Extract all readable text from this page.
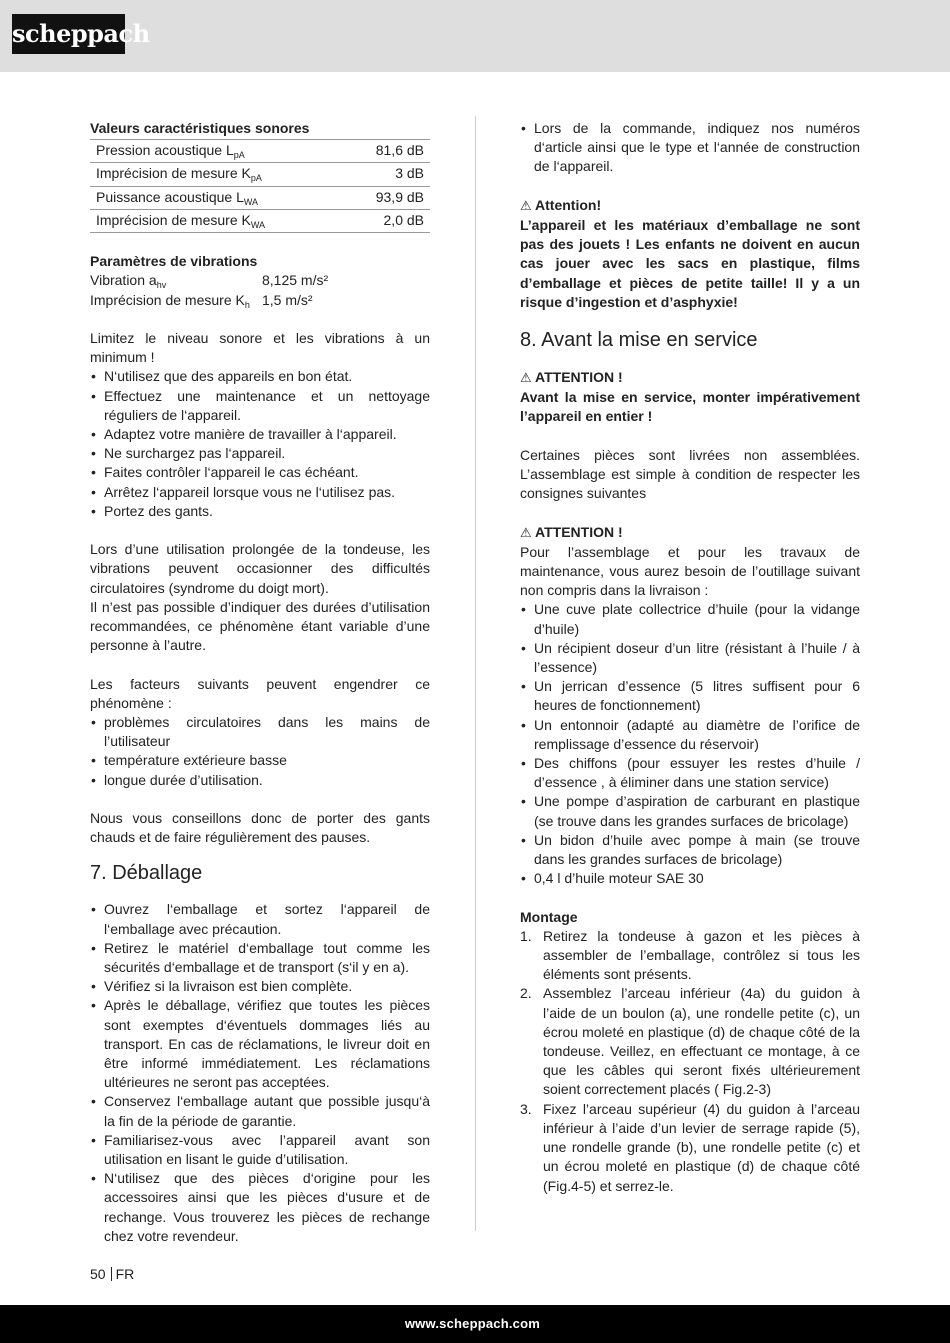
scheppach

Valeurs caractéristiques sonores

Pression acoustique $L_{pA}$	81,6 dB
Imprécision de mesure $K_{pA}$	3 dB
Puissance acoustique $L_{WA}$	93,9 dB
Imprécision de mesure $K_{WA}$	2,0 dB

Paramètres de vibrations

Vibration $a_{hv}$	8,125 m/s²
Imprécision de mesure $K_h$ 1,5 m/s²

Limitez le niveau sonore et les vibrations à un minimum !

• N‘utilisez que des appareils en bon état.
• Effectuez une maintenance et un nettoyage réguliers de l‘appareil.
• Adaptez votre manière de travailler à l‘appareil.
• Ne surchargez pas l‘appareil.
• Faites contrôler l‘appareil le cas échéant.
• Arrêtez l‘appareil lorsque vous ne l‘utilisez pas.
• Portez des gants.

Lors d’une utilisation prolongée de la tondeuse, les vibrations peuvent occasionner des difficultés circulatoires (syndrome du doigt mort).

Il n’est pas possible d’indiquer des durées d’utilisation recommandées, ce phénomène étant variable d’une personne à l’autre.

Les facteurs suivants peuvent engendrer ce phénomène :

• problèmes circulatoires dans les mains de l’utilisateur
• température extérieure basse
• longue durée d’utilisation.

Nous vous conseillons donc de porter des gants chauds et de faire régulièrement des pauses.

7. Déballage
• Ouvrez l‘emballage et sortez l‘appareil de l‘emballage avec précaution.
• Retirez le matériel d‘emballage tout comme les sécurités d‘emballage et de transport (s‘il y en a).
• Vérifiez si la livraison est bien complète.
• Après le déballage, vérifiez que toutes les pièces sont exemptes d‘éventuels dommages liés au transport. En cas de réclamations, le livreur doit en être informé immédiatement. Les réclamations ultérieures ne seront pas acceptées.
• Conservez l‘emballage autant que possible jusqu‘à la fin de la période de garantie.
• Familiarisez-vous avec l’appareil avant son utilisation en lisant le guide d’utilisation.
• N‘utilisez que des pièces d‘origine pour les accessoires ainsi que les pièces d‘usure et de rechange. Vous trouverez les pièces de rechange chez votre revendeur.
• Lors de la commande, indiquez nos numéros d‘article ainsi que le type et l‘année de construction de l‘appareil.

⚠ Attention!

L’appareil et les matériaux d’emballage ne sont pas des jouets ! Les enfants ne doivent en aucun cas jouer avec les sacs en plastique, films d’emballage et pièces de petite taille! Il y a un risque d’ingestion et d’asphyxie!

8. Avant la mise en service

⚠ ATTENTION !

Avant la mise en service, monter impérativement l’appareil en entier !

Certaines pièces sont livrées non assemblées. L’assemblage est simple à condition de respecter les consignes suivantes

⚠ ATTENTION !

Pour l’assemblage et pour les travaux de maintenance, vous aurez besoin de l’outillage suivant non compris dans la livraison :

• Une cuve plate collectrice d’huile (pour la vidange d’huile)
• Un récipient doseur d’un litre (résistant à l’huile / à l’essence)
• Un jerrican d’essence (5 litres suffisent pour 6 heures de fonctionnement)
• Un entonnoir (adapté au diamètre de l’orifice de remplissage d’essence du réservoir)
• Des chiffons (pour essuyer les restes d’huile / d’essence , à éliminer dans une station service)
• Une pompe d’aspiration de carburant en plastique (se trouve dans les grandes surfaces de bricolage)
• Un bidon d’huile avec pompe à main (se trouve dans les grandes surfaces de bricolage)
• 0,4 l d’huile moteur SAE 30

Montage

1. Retirez la tondeuse à gazon et les pièces à assembler de l’emballage, contrôlez si tous les éléments sont présents.
2. Assemblez l’arceau inférieur (4a) du guidon à l’aide de un boulon (a), une rondelle petite (c), un écrou moleté en plastique (d) de chaque côté de la tondeuse. Veillez, en effectuant ce montage, à ce que les câbles qui seront fixés ultérieurement soient correctement placés ( Fig.2-3)
3. Fixez l’arceau supérieur (4) du guidon à l’arceau inférieur à l’aide d’un levier de serrage rapide (5), une rondelle grande (b), une rondelle petite (c) et un écrou moleté en plastique (d) de chaque côté (Fig.4-5) et serrez-le.
50 FR
www.scheppach.com
